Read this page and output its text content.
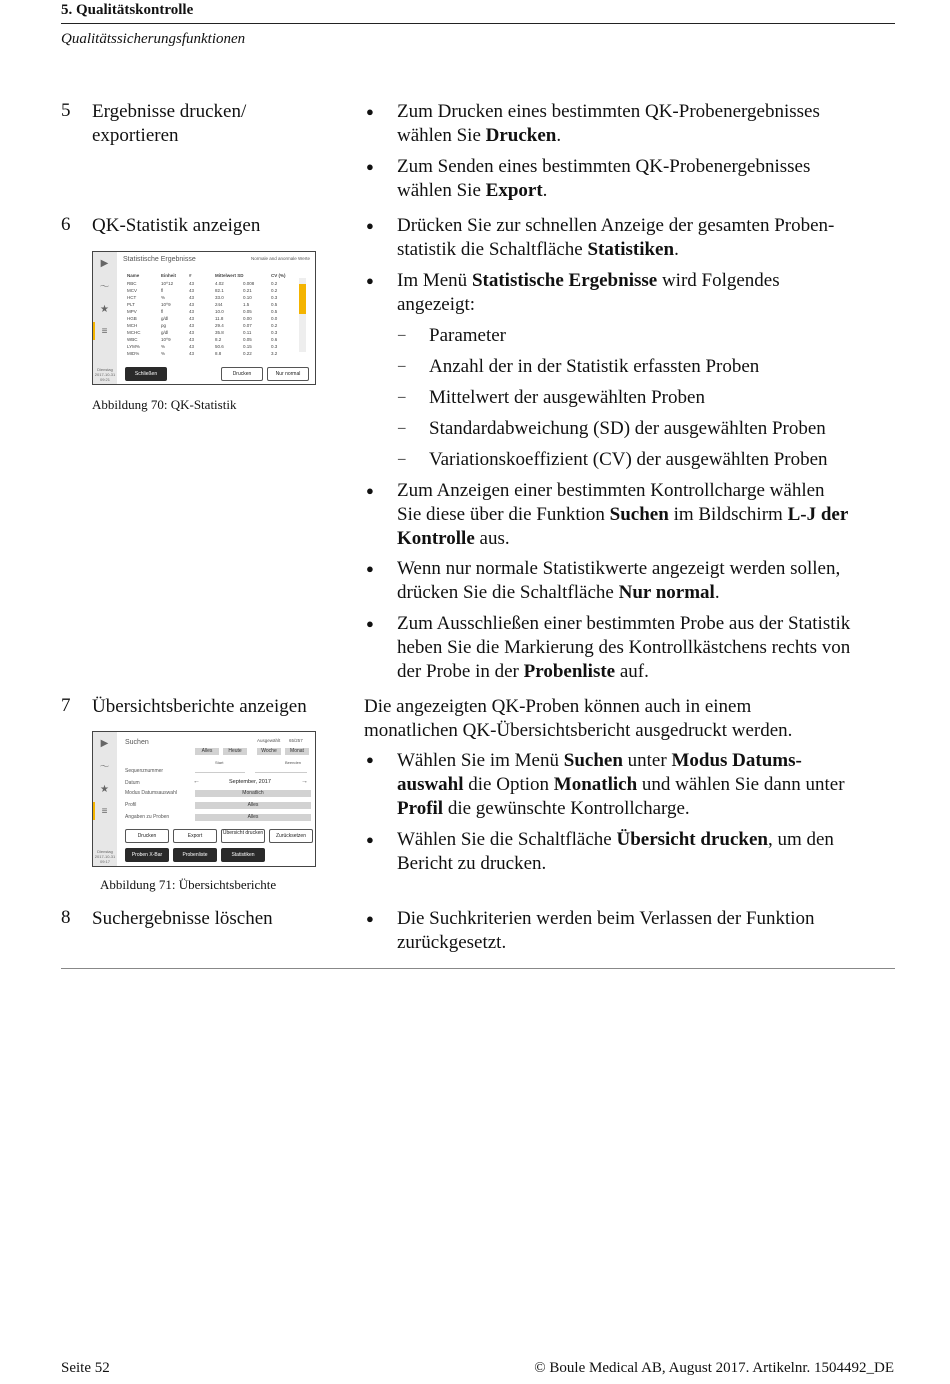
5. Qualitätskontrolle
Qualitätssicherungsfunktionen
5 Ergebnisse drucken/
exportieren
● Zum Drucken eines bestimmten QK-Probenergebnisses
wählen Sie Drucken.
● Zum Senden eines bestimmten QK-Probenergebnisses
wählen Sie Export.
6 QK-Statistik anzeigen
▶
〜
★
≡
Dienstag 2017-10-31 09:21
Statistische Ergebnisse	Normale and anormale Werte
Name	Einheit	#	Mittelwert SD	CV (%)
RBC	10^12	43	4.02	0.008	0.2
MCV	fl	43	82.1	0.21	0.2
HCT	%	43	33.0	0.10	0.3
PLT	10^9	43	244	1.5	0.5
MPV	fl	43	10.0	0.05	0.5
HGB	g/dl	43	11.8	0.00	0.0
MCH	pg	43	29.4	0.07	0.2
MCHC	g/dl	43	35.8	0.11	0.3
WBC	10^9	43	8.2	0.05	0.6
LYM%	%	43	50.6	0.15	0.3
MID%	%	43	8.8	0.22	3.2
Schließen	Drucken	Nur normal
Abbildung 70: QK-Statistik
● Drücken Sie zur schnellen Anzeige der gesamten Proben-
statistik die Schaltfläche Statistiken.
● Im Menü Statistische Ergebnisse wird Folgendes
angezeigt:
– Parameter
– Anzahl der in der Statistik erfassten Proben
– Mittelwert der ausgewählten Proben
– Standardabweichung (SD) der ausgewählten Proben
– Variationskoeffizient (CV) der ausgewählten Proben
● Zum Anzeigen einer bestimmten Kontrollcharge wählen
Sie diese über die Funktion Suchen im Bildschirm L-J der
Kontrolle aus.
● Wenn nur normale Statistikwerte angezeigt werden sollen,
drücken Sie die Schaltfläche Nur normal.
● Zum Ausschließen einer bestimmten Probe aus der Statistik
heben Sie die Markierung des Kontrollkästchens rechts von
der Probe in der Probenliste auf.
7 Übersichtsberichte anzeigen
▶
〜
★
≡
Dienstag 2017-10-31 09:17
Suchen	Ausgewählt 65/257
Alles	Heute	Woche	Monat
Start	Beenden
Sequenznummer
Datum	←	September, 2017	→
Modus Datumsauswahl	Monatlich
Profil	Alles
Angaben zu Proben	Alles
Drucken	Export	Übersicht drucken	Zurücksetzen
Proben X-Bar	Probenliste	Statistiken
Abbildung 71: Übersichtsberichte
Die angezeigten QK-Proben können auch in einem
monatlichen QK-Übersichtsbericht ausgedruckt werden.
● Wählen Sie im Menü Suchen unter Modus Datums-
auswahl die Option Monatlich und wählen Sie dann unter
Profil die gewünschte Kontrollcharge.
● Wählen Sie die Schaltfläche Übersicht drucken, um den
Bericht zu drucken.
8 Suchergebnisse löschen	● Die Suchkriterien werden beim Verlassen der Funktion
zurückgesetzt.
Seite 52	© Boule Medical AB, August 2017. Artikelnr. 1504492_DE
